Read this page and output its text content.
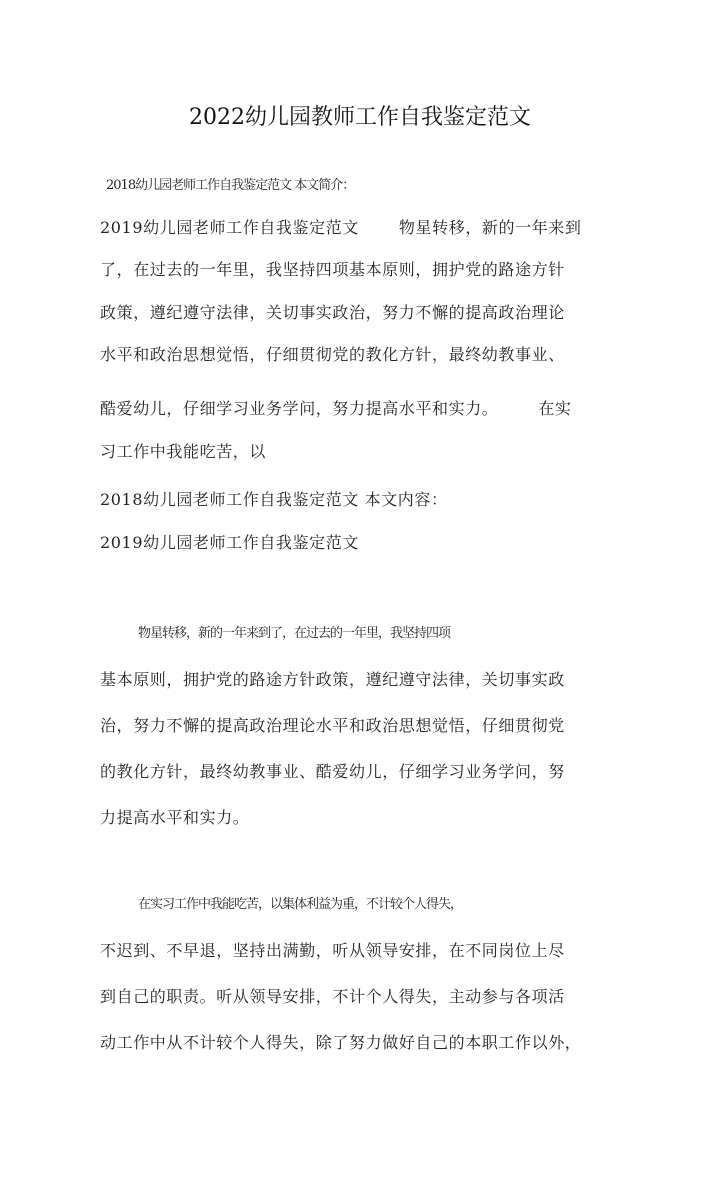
2022幼儿园教师工作自我鉴定范文
2018幼儿园老师工作自我鉴定范文 本文简介：
2019幼儿园老师工作自我鉴定范文	物星转移，新的一年来到
了，在过去的一年里，我坚持四项基本原则，拥护党的路途方针
政策，遵纪遵守法律，关切事实政治，努力不懈的提高政治理论
水平和政治思想觉悟，仔细贯彻党的教化方针，最终幼教事业、
酷爱幼儿，仔细学习业务学问，努力提高水平和实力。	在实
习工作中我能吃苦，以
2018幼儿园老师工作自我鉴定范文 本文内容：
2019幼儿园老师工作自我鉴定范文
物星转移，新的一年来到了，在过去的一年里，我坚持四项
基本原则，拥护党的路途方针政策，遵纪遵守法律，关切事实政
治，努力不懈的提高政治理论水平和政治思想觉悟，仔细贯彻党
的教化方针，最终幼教事业、酷爱幼儿，仔细学习业务学问，努
力提高水平和实力。
在实习工作中我能吃苦，以集体利益为重，不计较个人得失，
不迟到、不早退，坚持出满勤，听从领导安排，在不同岗位上尽
到自己的职责。听从领导安排，不计个人得失，主动参与各项活
动工作中从不计较个人得失，除了努力做好自己的本职工作以外，
